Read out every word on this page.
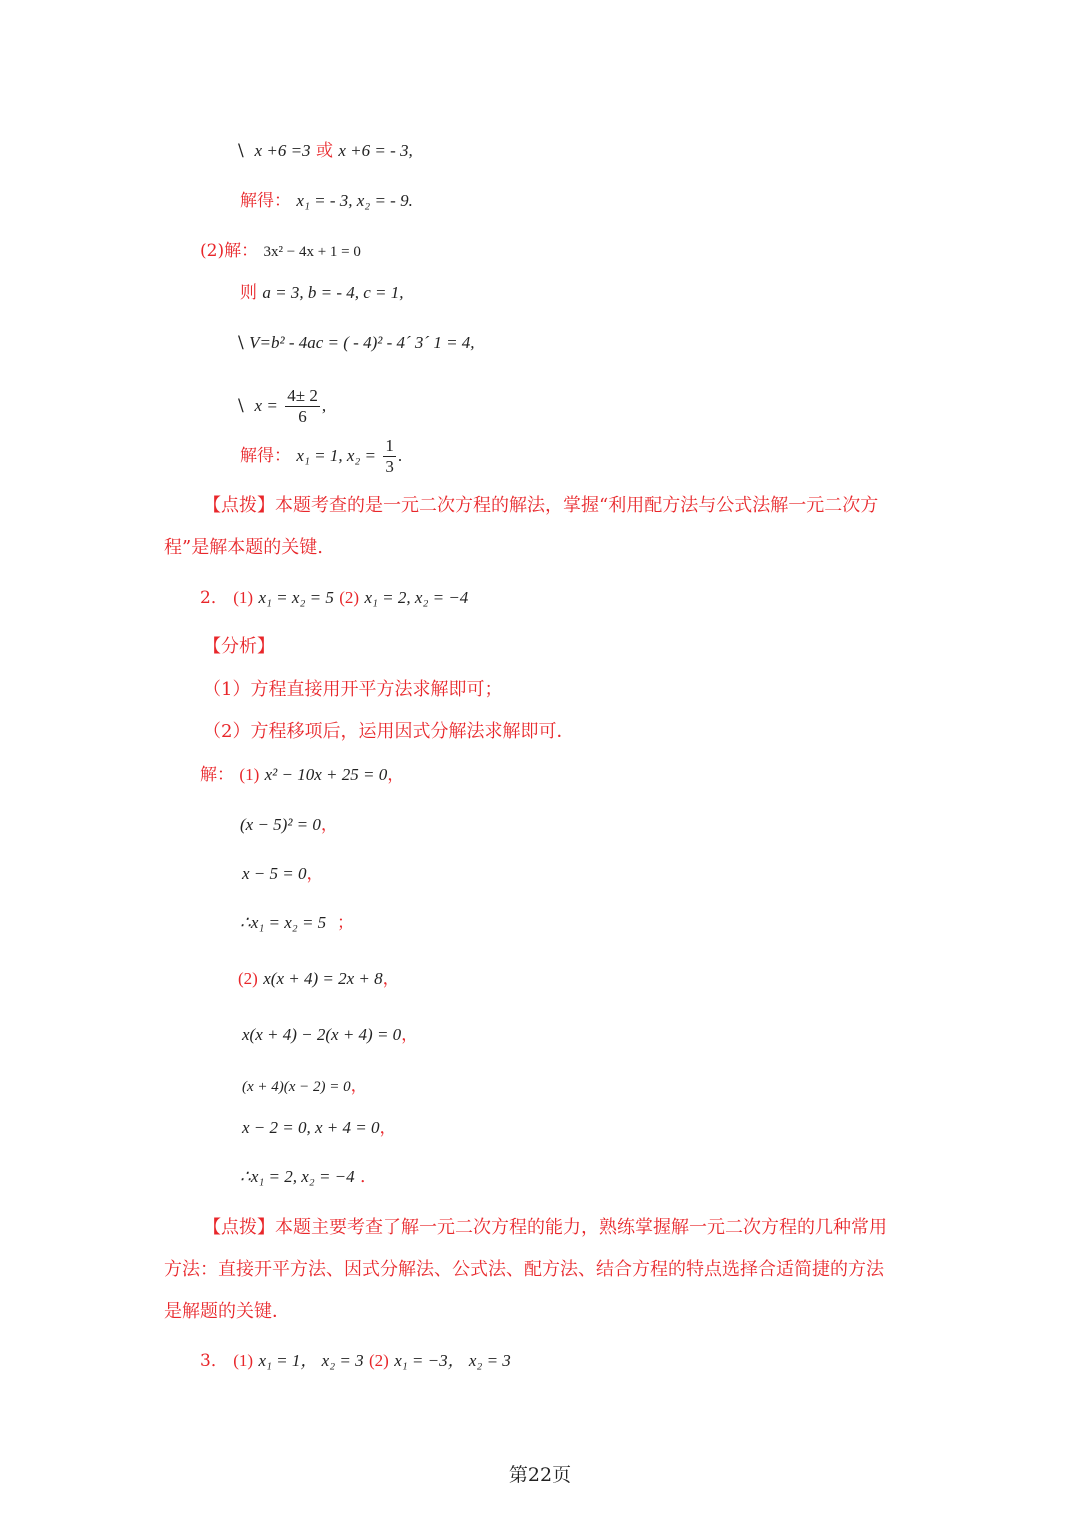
\ x +6 =3 或 x +6 = - 3,
解得： x₁ = - 3, x₂ = - 9.
(2)解： 3x² − 4x + 1 = 0
则 a = 3, b = - 4, c = 1,
\ V=b² - 4ac = ( - 4)² - 4´ 3´ 1 = 4,
\ $x = \frac{4\pm 2}{6}$ ,
解得： x₁ = 1, $x_2 = \frac{1}{3}$ .
【点拨】本题考查的是一元二次方程的解法，掌握“利用配方法与公式法解一元二次方
程”是解本题的关键.
2． (1) x₁ = x₂ = 5 (2) x₁ = 2, x₂ = −4
【分析】
（1）方程直接用开平方法求解即可；
（2）方程移项后，运用因式分解法求解即可．
解： (1) x² − 10x + 25 = 0，
(x − 5)² = 0，
x − 5 = 0，
∴x₁ = x₂ = 5 ；
(2) x(x + 4) = 2x + 8，
x(x + 4) − 2(x + 4) = 0，
(x + 4)(x − 2) = 0，
x − 2 = 0, x + 4 = 0，
∴x₁ = 2, x₂ = −4 ．
【点拨】本题主要考查了解一元二次方程的能力，熟练掌握解一元二次方程的几种常用
方法：直接开平方法、因式分解法、公式法、配方法、结合方程的特点选择合适简捷的方法
是解题的关键．
3． (1) x₁ = 1， x₂ = 3 (2) x₁ = −3， x₂ = 3
第22页
